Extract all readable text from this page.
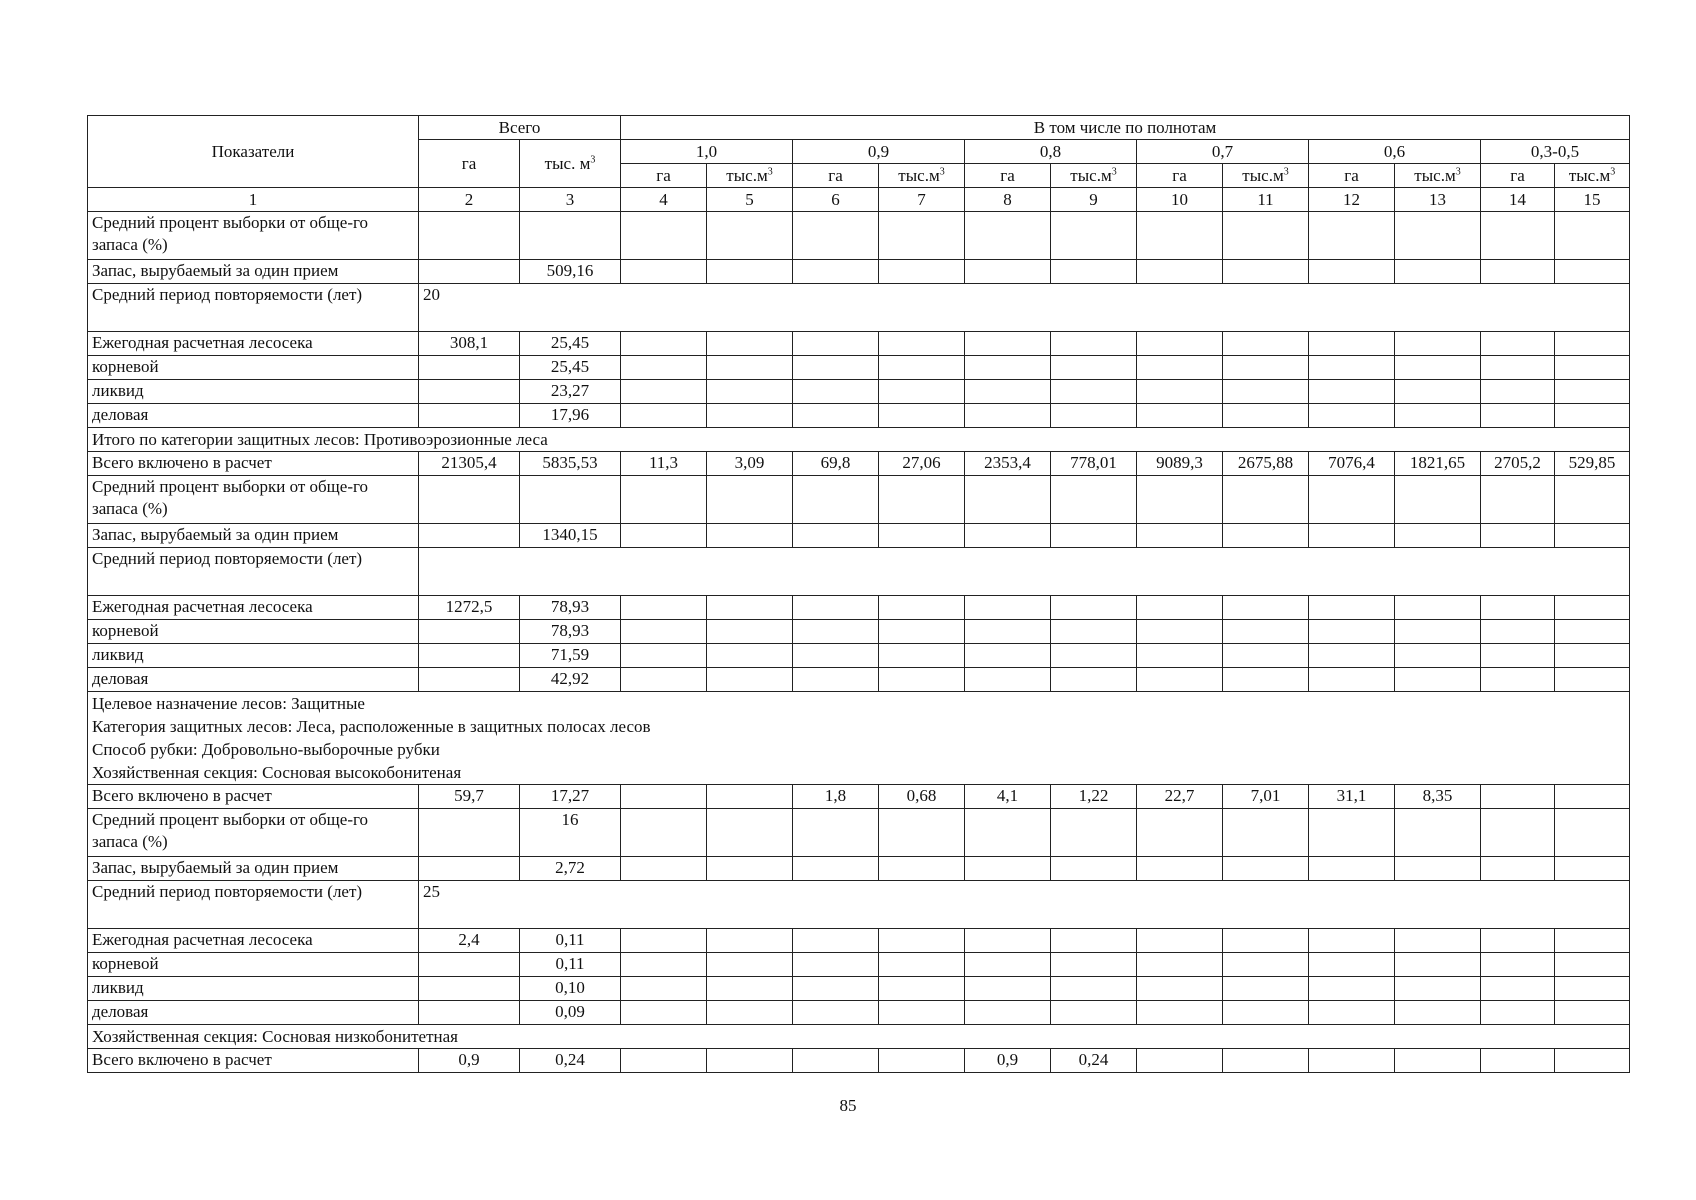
Показатели	Всего		В том числе по полнотам											
	га	тыс. $м^3$	1,0		0,9		0,8		0,7		0,6		0,3-0,5	
			га	$тыс.м^3$	га	$тыс.м^3$	га	$тыс.м^3$	га	$тыс.м^3$	га	$тыс.м^3$	га	$тыс.м^3$
1	2	3	4	5	6	7	8	9	10	11	12	13	14	15
Средний процент выборки от обще-го запаса (%)														
Запас, вырубаемый за один прием		509,16												
Средний период повторяемости (лет)	20													
Ежегодная расчетная лесосека	308,1	25,45												
корневой		25,45												
ликвид		23,27												
деловая		17,96												

Итого по категории защитных лесов: Противоэрозионные леса														

Всего включено в расчет	21305,4	5835,53	11,3	3,09	69,8	27,06	2353,4	778,01	9089,3	2675,88	7076,4	1821,65	2705,2	529,85
Средний процент выборки от обще-го запаса (%)														
Запас, вырубаемый за один прием		1340,15												
Средний период повторяемости (лет)														
Ежегодная расчетная лесосека	1272,5	78,93												
корневой		78,93												
ликвид		71,59												
деловая		42,92												

Целевое назначение лесов: Защитные
Категория защитных лесов: Леса, расположенные в защитных полосах лесов
Способ рубки: Добровольно-выборочные рубки
Хозяйственная секция: Сосновая высокобонитеная														

Всего включено в расчет	59,7	17,27			1,8	0,68	4,1	1,22	22,7	7,01	31,1	8,35		
Средний процент выборки от обще-го запаса (%)		16												
Запас, вырубаемый за один прием		2,72												
Средний период повторяемости (лет)	25													
Ежегодная расчетная лесосека	2,4	0,11												
корневой		0,11												
ликвид		0,10												
деловая		0,09												

Хозяйственная секция: Сосновая низкобонитетная														

Всего включено в расчет	0,9	0,24					0,9	0,24						
85
